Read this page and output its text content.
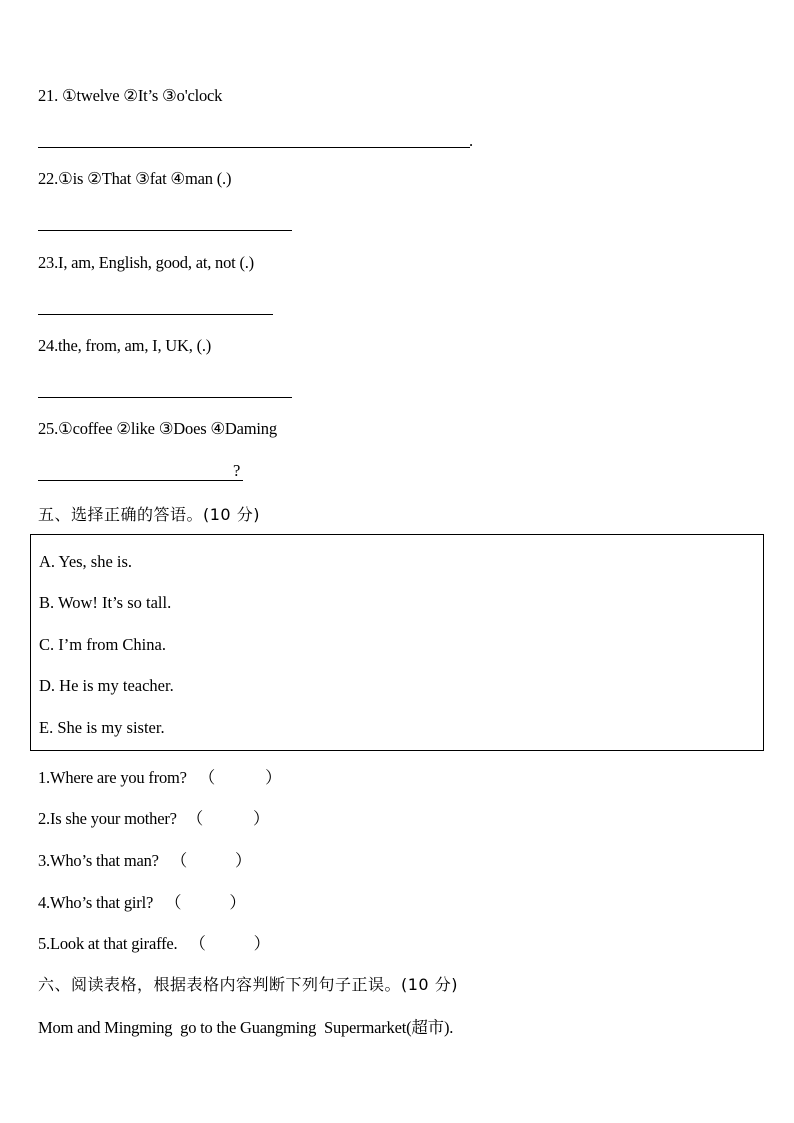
21. ①twelve ②It’s ③o'clock
.
22.①is ②That ③fat ④man (.)
23.I, am, English, good, at, not (.)
24.the, from, am, I, UK, (.)
25.①coffee ②like ③Does ④Daming
?
五、选择正确的答语。(10 分)
A. Yes, she is.
B. Wow! It’s so tall.
C. I’m from China.
D. He is my teacher.
E. She is my sister.
1.Where are you from? （	）
2.Is she your mother? （	）
3.Who’s that man? （	）
4.Who’s that girl? （	）
5.Look at that giraffe. （	）
六、阅读表格，根据表格内容判断下列句子正误。(10 分)
Mom and Mingming  go to the Guangming  Supermarket(超市).
